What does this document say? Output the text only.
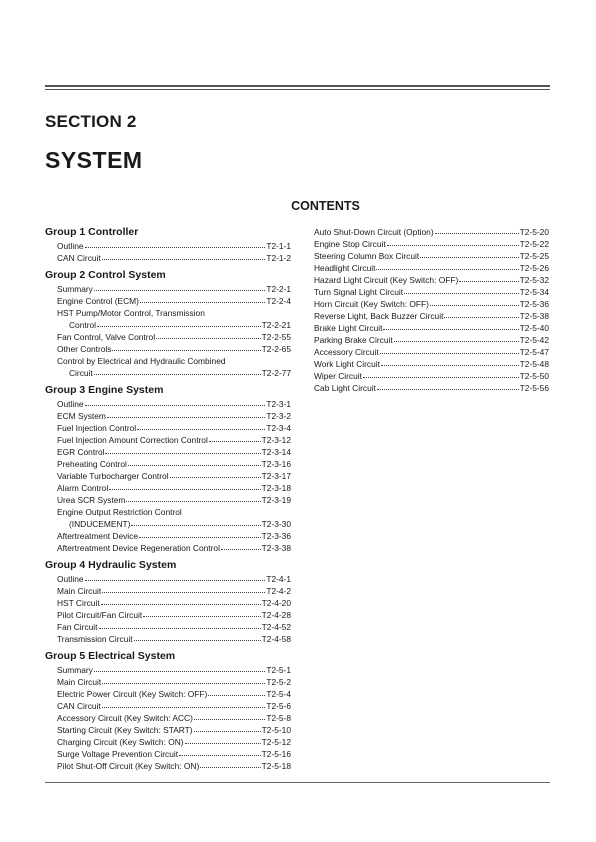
SECTION 2
SYSTEM
CONTENTS
Group 1 Controller
Outline	T2-1-1
CAN Circuit	T2-1-2
Group 2 Control System
Summary	T2-2-1
Engine Control (ECM)	T2-2-4
HST Pump/Motor Control, Transmission
Control	T2-2-21
Fan Control, Valve Control	T2-2-55
Other Controls	T2-2-65
Control by Electrical and Hydraulic Combined
Circuit	T2-2-77
Group 3 Engine System
Outline	T2-3-1
ECM System	T2-3-2
Fuel Injection Control	T2-3-4
Fuel Injection Amount Correction Control	T2-3-12
EGR Control	T2-3-14
Preheating Control	T2-3-16
Variable Turbocharger Control	T2-3-17
Alarm Control	T2-3-18
Urea SCR System	T2-3-19
Engine Output Restriction Control
(INDUCEMENT)	T2-3-30
Aftertreatment Device	T2-3-36
Aftertreatment Device Regeneration Control	T2-3-38
Group 4 Hydraulic System
Outline	T2-4-1
Main Circuit	T2-4-2
HST Circuit	T2-4-20
Pilot Circuit/Fan Circuit	T2-4-28
Fan Circuit	T2-4-52
Transmission Circuit	T2-4-58
Group 5 Electrical System
Summary	T2-5-1
Main Circuit	T2-5-2
Electric Power Circuit (Key Switch: OFF)	T2-5-4
CAN Circuit	T2-5-6
Accessory Circuit (Key Switch: ACC)	T2-5-8
Starting Circuit (Key Switch: START)	T2-5-10
Charging Circuit (Key Switch: ON)	T2-5-12
Surge Voltage Prevention Circuit	T2-5-16
Pilot Shut-Off Circuit (Key Switch: ON)	T2-5-18
Auto Shut-Down Circuit (Option)	T2-5-20
Engine Stop Circuit	T2-5-22
Steering Column Box Circuit	T2-5-25
Headlight Circuit	T2-5-26
Hazard Light Circuit (Key Switch: OFF)	T2-5-32
Turn Signal Light Circuit	T2-5-34
Horn Circuit (Key Switch: OFF)	T2-5-36
Reverse Light, Back Buzzer Circuit	T2-5-38
Brake Light Circuit	T2-5-40
Parking Brake Circuit	T2-5-42
Accessory Circuit	T2-5-47
Work Light Circuit	T2-5-48
Wiper Circuit	T2-5-50
Cab Light Circuit	T2-5-56
